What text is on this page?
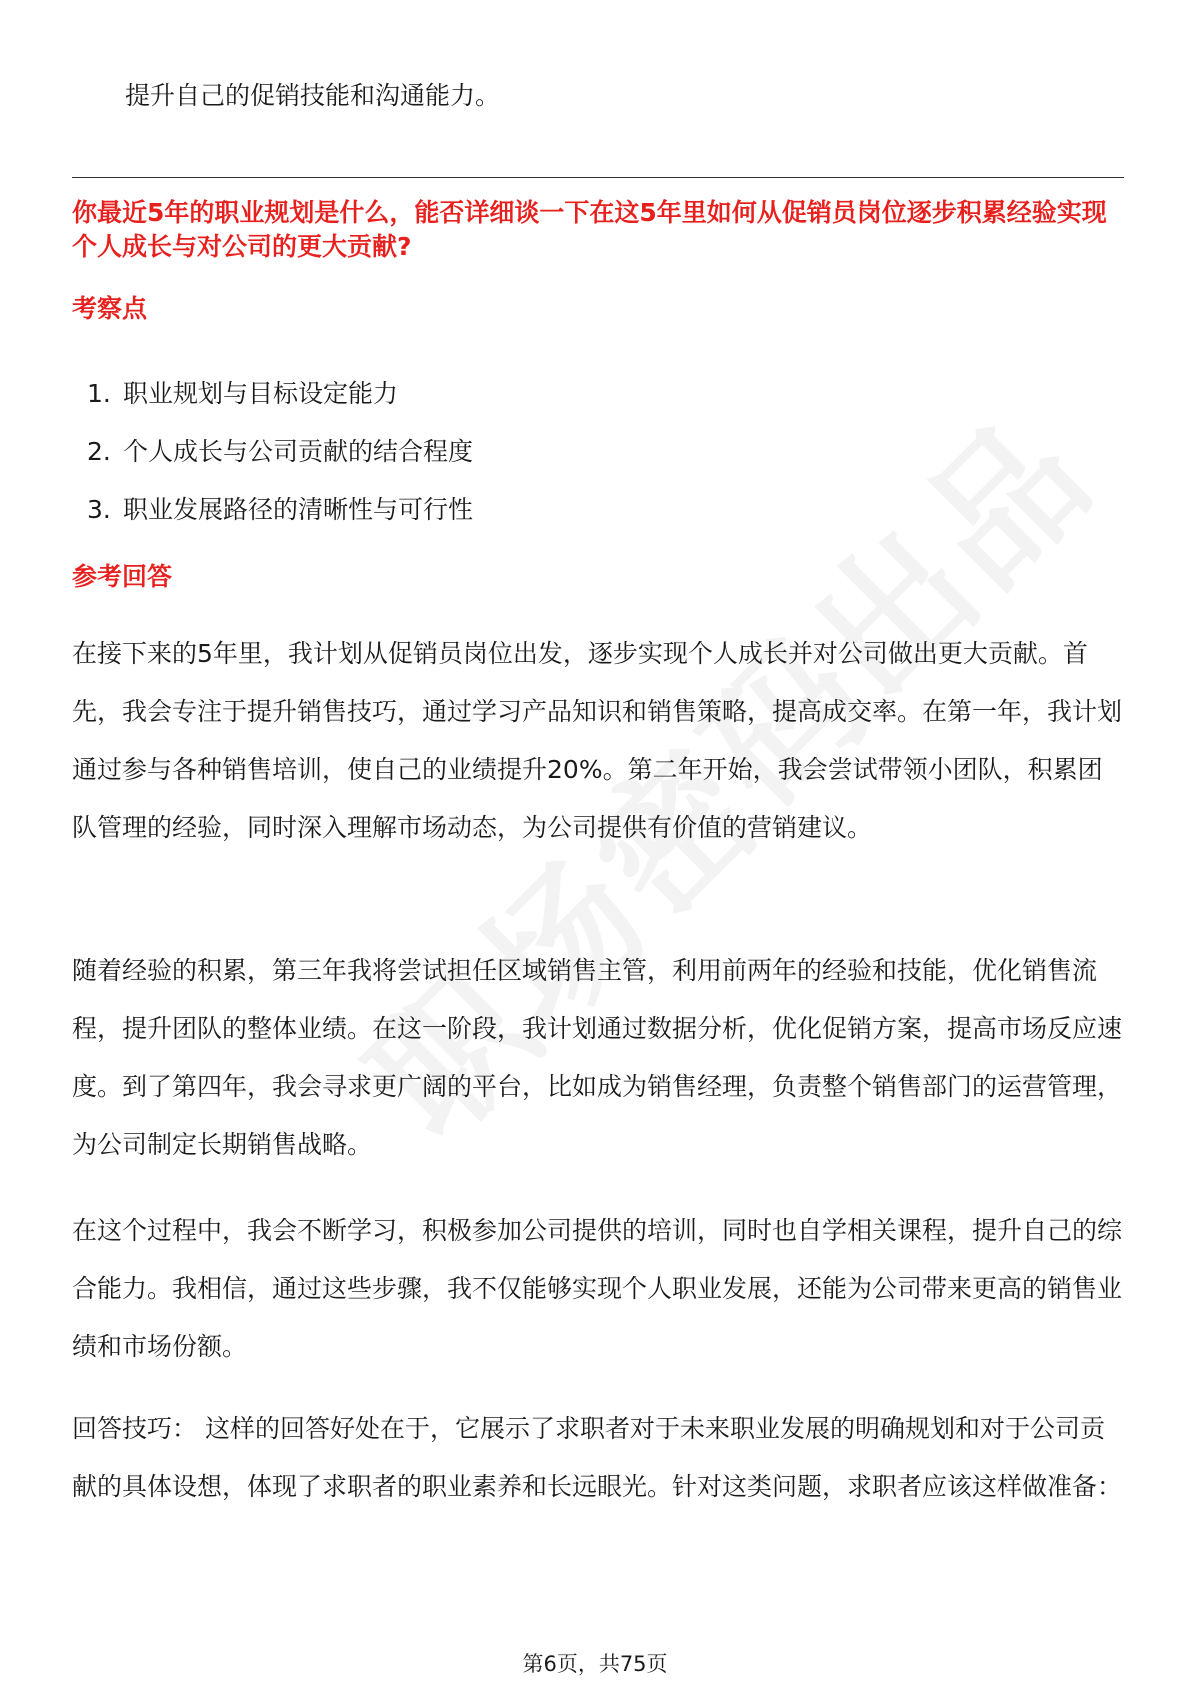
提升自己的促销技能和沟通能力。
你最近5年的职业规划是什么，能否详细谈一下在这5年里如何从促销员岗位逐步积累经验实现个人成长与对公司的更大贡献?
考察点
1. 职业规划与目标设定能力
2. 个人成长与公司贡献的结合程度
3. 职业发展路径的清晰性与可行性
参考回答

在接下来的5年里，我计划从促销员岗位出发，逐步实现个人成长并对公司做出更大贡献。首先，我会专注于提升销售技巧，通过学习产品知识和销售策略，提高成交率。在第一年，我计划通过参与各种销售培训，使自己的业绩提升20%。第二年开始，我会尝试带领小团队，积累团队管理的经验，同时深入理解市场动态，为公司提供有价值的营销建议。

随着经验的积累，第三年我将尝试担任区域销售主管，利用前两年的经验和技能，优化销售流程，提升团队的整体业绩。在这一阶段，我计划通过数据分析，优化促销方案，提高市场反应速度。到了第四年，我会寻求更广阔的平台，比如成为销售经理，负责整个销售部门的运营管理，为公司制定长期销售战略。

在这个过程中，我会不断学习，积极参加公司提供的培训，同时也自学相关课程，提升自己的综合能力。我相信，通过这些步骤，我不仅能够实现个人职业发展，还能为公司带来更高的销售业绩和市场份额。

回答技巧： 这样的回答好处在于，它展示了求职者对于未来职业发展的明确规划和对于公司贡献的具体设想，体现了求职者的职业素养和长远眼光。针对这类问题，求职者应该这样做准备：

第6页，共75页
